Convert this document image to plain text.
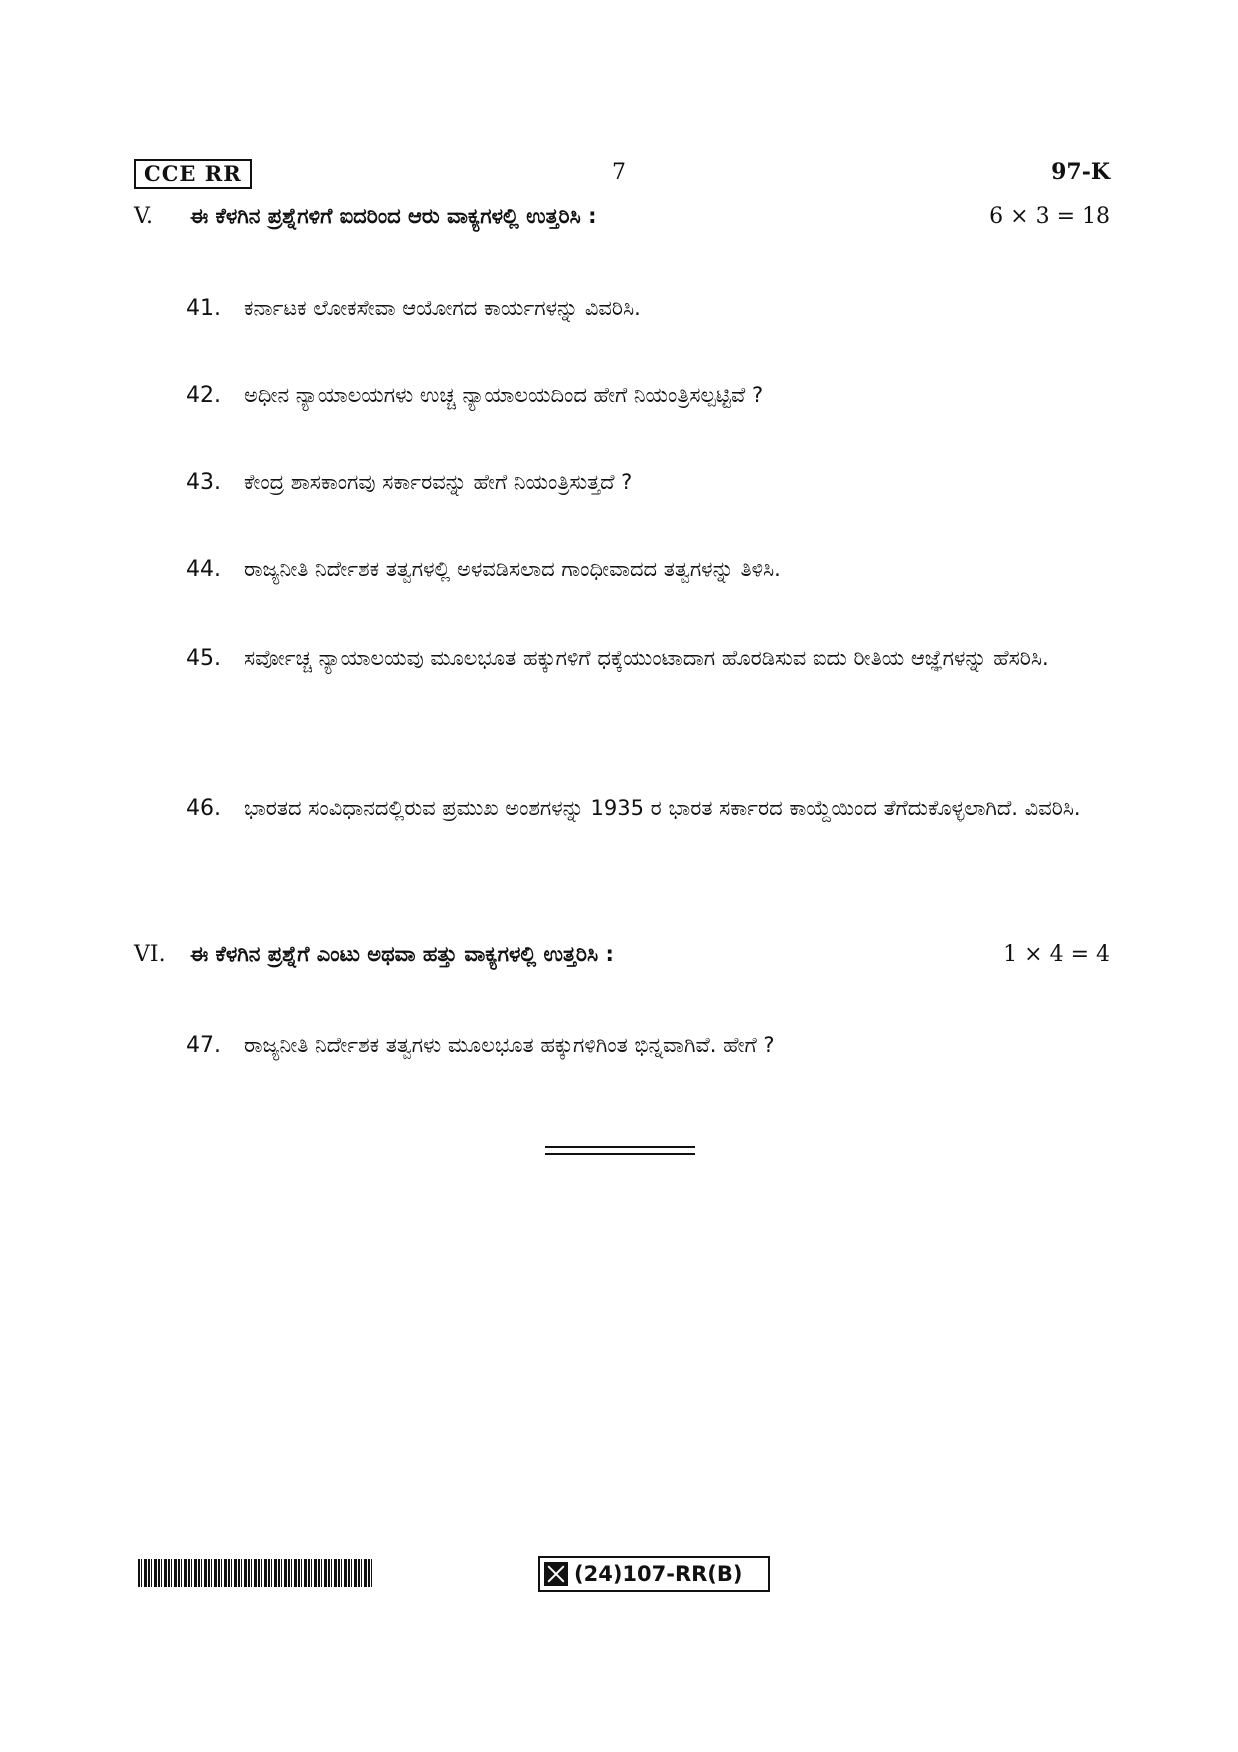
CCE RR	7	97-K
V. ಈ ಕೆಳಗಿನ ಪ್ರಶ್ನೆಗಳಿಗೆ ಐದರಿಂದ ಆರು ವಾಕ್ಯಗಳಲ್ಲಿ ಉತ್ತರಿಸಿ :	6 × 3 = 18
41. ಕರ್ನಾಟಕ ಲೋಕಸೇವಾ ಆಯೋಗದ ಕಾರ್ಯಗಳನ್ನು ವಿವರಿಸಿ.
42. ಅಧೀನ ನ್ಯಾಯಾಲಯಗಳು ಉಚ್ಚ ನ್ಯಾಯಾಲಯದಿಂದ ಹೇಗೆ ನಿಯಂತ್ರಿಸಲ್ಪಟ್ಟಿವೆ ?
43. ಕೇಂದ್ರ ಶಾಸಕಾಂಗವು ಸರ್ಕಾರವನ್ನು ಹೇಗೆ ನಿಯಂತ್ರಿಸುತ್ತದೆ ?
44. ರಾಜ್ಯನೀತಿ ನಿರ್ದೇಶಕ ತತ್ವಗಳಲ್ಲಿ ಅಳವಡಿಸಲಾದ ಗಾಂಧೀವಾದದ ತತ್ವಗಳನ್ನು ತಿಳಿಸಿ.
45. ಸರ್ವೋಚ್ಚ ನ್ಯಾಯಾಲಯವು ಮೂಲಭೂತ ಹಕ್ಕುಗಳಿಗೆ ಧಕ್ಕೆಯುಂಟಾದಾಗ ಹೊರಡಿಸುವ ಐದು ರೀತಿಯ ಆಜ್ಞೆಗಳನ್ನು ಹೆಸರಿಸಿ.
46. ಭಾರತದ ಸಂವಿಧಾನದಲ್ಲಿರುವ ಪ್ರಮುಖ ಅಂಶಗಳನ್ನು 1935 ರ ಭಾರತ ಸರ್ಕಾರದ ಕಾಯ್ದೆಯಿಂದ ತೆಗೆದುಕೊಳ್ಳಲಾಗಿದೆ. ವಿವರಿಸಿ.
VI. ಈ ಕೆಳಗಿನ ಪ್ರಶ್ನೆಗೆ ಎಂಟು ಅಥವಾ ಹತ್ತು ವಾಕ್ಯಗಳಲ್ಲಿ ಉತ್ತರಿಸಿ :	1 × 4 = 4
47. ರಾಜ್ಯನೀತಿ ನಿರ್ದೇಶಕ ತತ್ವಗಳು ಮೂಲಭೂತ ಹಕ್ಕುಗಳಿಗಿಂತ ಭಿನ್ನವಾಗಿವೆ. ಹೇಗೆ ?
(24)107-RR(B)
